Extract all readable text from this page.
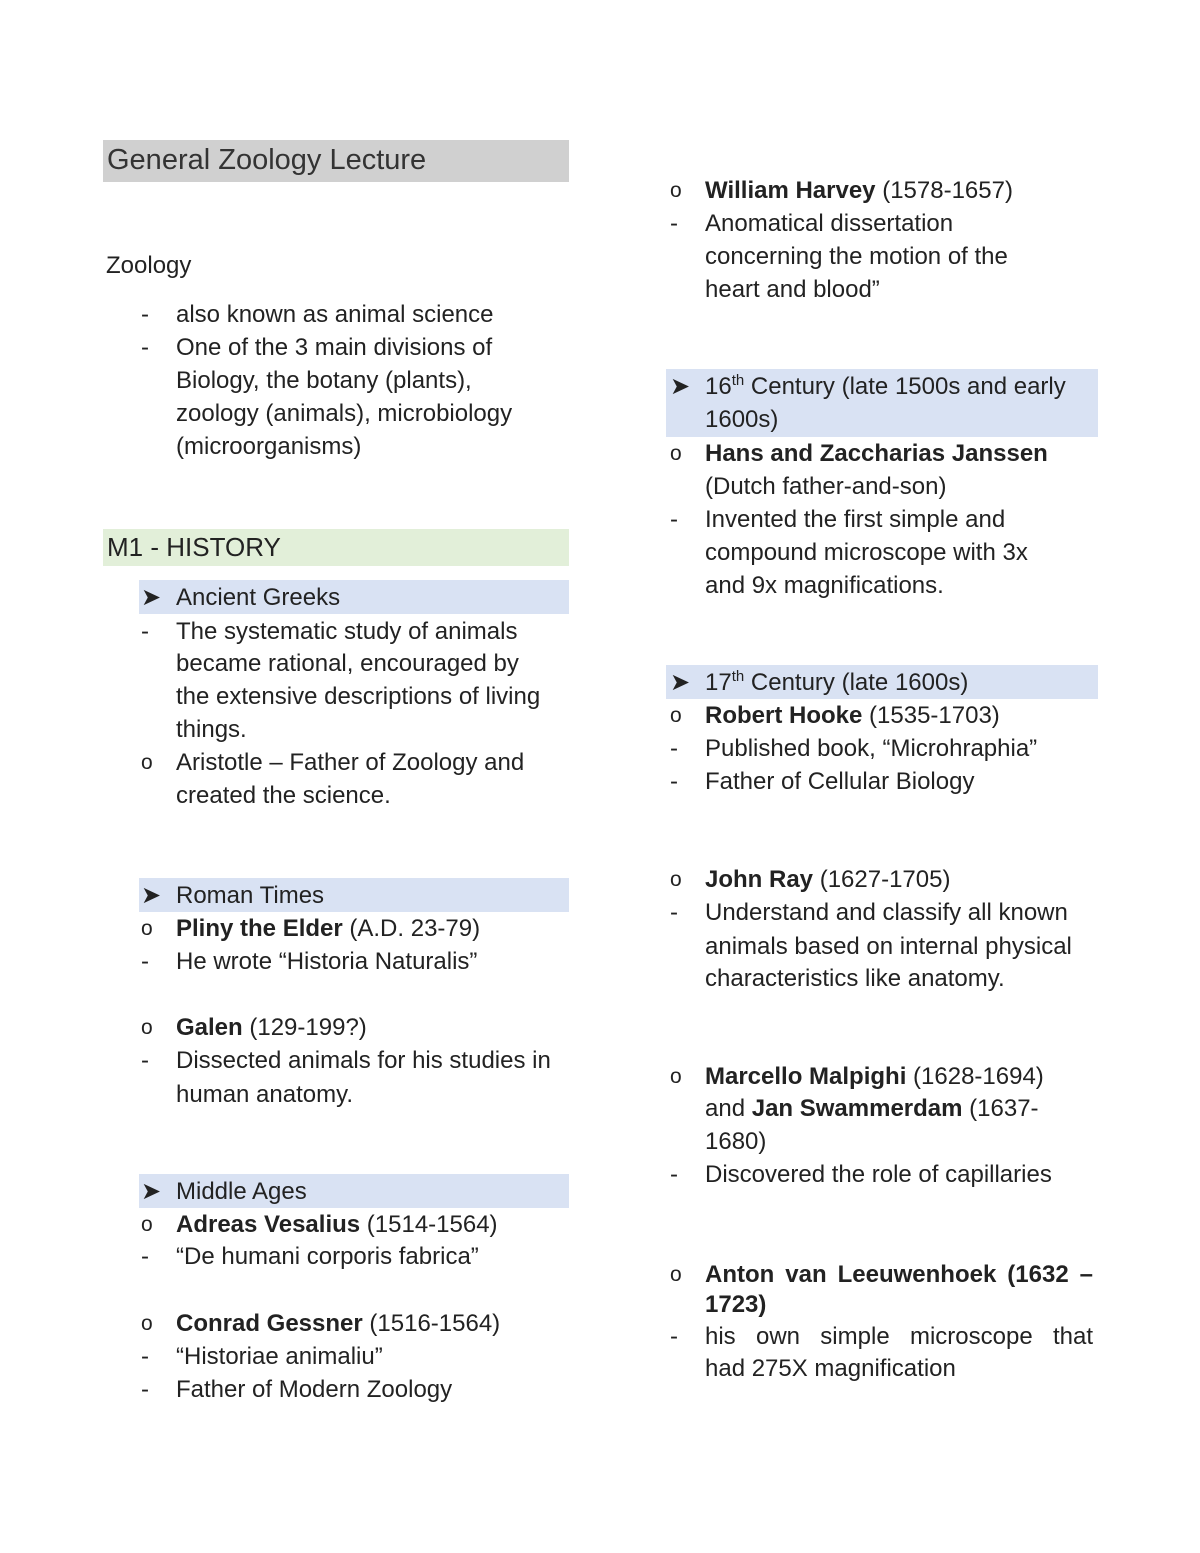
General Zoology Lecture
Zoology
- also known as animal science
- One of the 3 main divisions of
Biology, the botany (plants),
zoology (animals), microbiology
(microorganisms)
M1 - HISTORY
➤ Ancient Greeks
- The systematic study of animals
became rational, encouraged by
the extensive descriptions of living
things.
o Aristotle – Father of Zoology and
created the science.
➤ Roman Times
o Pliny the Elder (A.D. 23-79)
- He wrote “Historia Naturalis”
o Galen (129-199?)
- Dissected animals for his studies in
human anatomy.
➤ Middle Ages
o Adreas Vesalius (1514-1564)
- “De humani corporis fabrica”
o Conrad Gessner (1516-1564)
- “Historiae animaliu”
- Father of Modern Zoology
o William Harvey (1578-1657)
- Anomatical dissertation
concerning the motion of the
heart and blood”
➤ 16th Century (late 1500s and early
1600s)
o Hans and Zaccharias Janssen
(Dutch father-and-son)
- Invented the first simple and
compound microscope with 3x
and 9x magnifications.
➤ 17th Century (late 1600s)
o Robert Hooke (1535-1703)
- Published book, “Microhraphia”
- Father of Cellular Biology
o John Ray (1627-1705)
- Understand and classify all known
animals based on internal physical
characteristics like anatomy.
o Marcello Malpighi (1628-1694)
and Jan Swammerdam (1637-
1680)
- Discovered the role of capillaries
o Anton van Leeuwenhoek (1632 –
1723)
- his own simple microscope that
had 275X magnification
